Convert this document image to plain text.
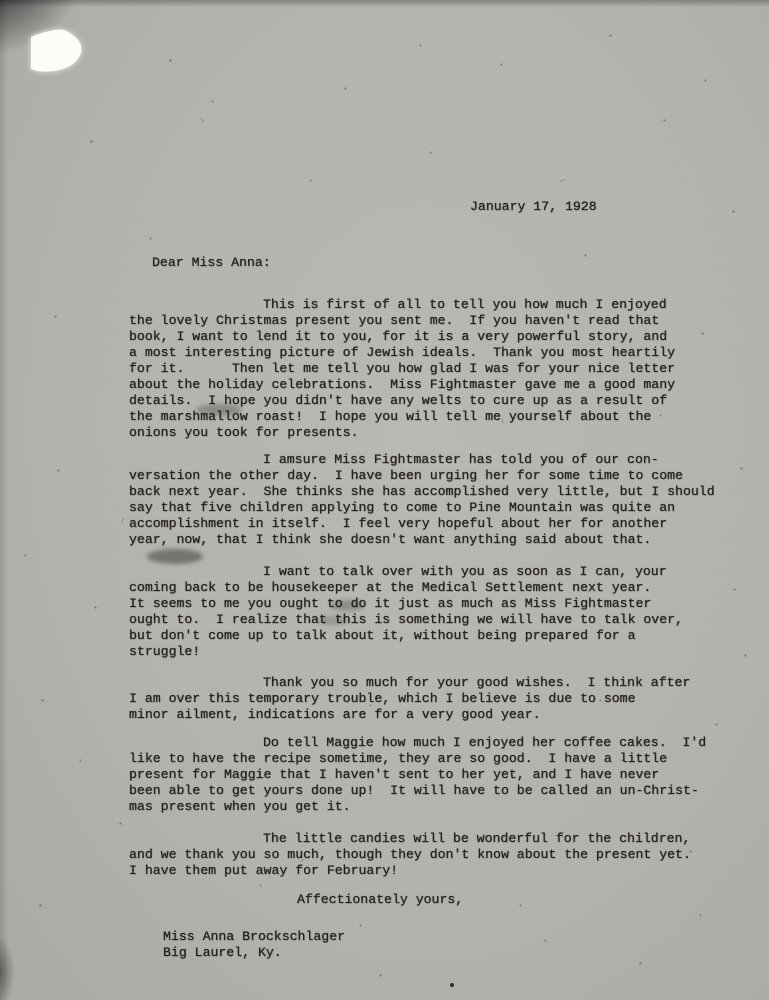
January 17, 1928
Dear Miss Anna:
This is first of all to tell you how much I enjoyed
the lovely Christmas present you sent me.  If you haven't read that
book, I want to lend it to you, for it is a very powerful story, and
a most interesting picture of Jewish ideals.  Thank you most heartily
for it.      Then let me tell you how glad I was for your nice letter
about the holiday celebrations.  Miss Fightmaster gave me a good many
details.  I hope you didn't have any welts to cure up as a result of
the marshmallow roast!  I hope you will tell me yourself about the
onions you took for presents.
I amsure Miss Fightmaster has told you of our con-
versation the other day.  I have been urging her for some time to come
back next year.  She thinks she has accomplished very little, but I should
say that five children applying to come to Pine Mountain was quite an
accomplishment in itself.  I feel very hopeful about her for another
year, now, that I think she doesn't want anything said about that.
I want to talk over with you as soon as I can, your
coming back to be housekeeper at the Medical Settlement next year.
It seems to me you ought to do it just as much as Miss Fightmaster
ought to.  I realize that this is something we will have to talk over,
but don't come up to talk about it, without being prepared for a
struggle!
Thank you so much for your good wishes.  I think after
I am over this temporary trouble, which I believe is due to some
minor ailment, indications are for a very good year.
Do tell Maggie how much I enjoyed her coffee cakes.  I'd
like to have the recipe sometime, they are so good.  I have a little
present for Maggie that I haven't sent to her yet, and I have never
been able to get yours done up!  It will have to be called an un-Christ-
mas present when you get it.
The little candies will be wonderful for the children,
and we thank you so much, though they don't know about the present yet.
I have them put away for February!
Affectionately yours,
Miss Anna Brockschlager
Big Laurel, Ky.
